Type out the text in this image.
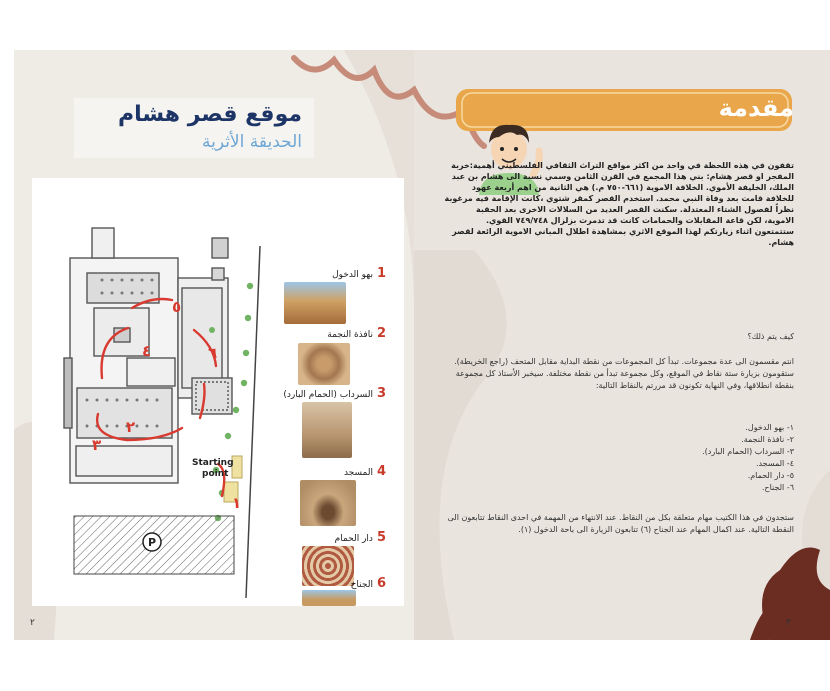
موقع قصر هشام
الحديقة الأثرية
P
٥
٤	٦
٢
٣
١
Starting
point
1بهو الدخول
2نافذة النجمة
3السرداب (الحمام البارد)
4المسجد
5دار الحمام
6الجناح
٢
مقدمة
تقفون في هذه اللحظة في واحد من اكثر مواقع التراث الثقافي الفلسطيني أهمية:خربة المفجر او قصر هشام: بني هذا المجمع في القرن الثامن وسمي نسبة الى هشام بن عبد الملك، الخليفة الأموي. الخلافة الاموية (٦٦١-٧٥٠ م.) هي الثانية من اهم أربعة عهود للخلافة قامت بعد وفاة النبي محمد. استخدم القصر كمقر شتوي ،كانت الإقامة فيه مرغوبة نظراً لفصول الشتاء المعتدلة. سكنت القصر العديد من السلالات الاخرى بعد الحقبة الاموية، لكن قاعة المقابلات والحمامات كانت قد تدمرت بزلزال ٧٤٩/٧٤٨ القوي. ستتمتعون اثناء زيارتكم لهذا الموقع الاثري بمشاهدة اطلال المباني الاموية الرائعة لقصر هشام.
كيف يتم ذلك؟
انتم مقسمون الى عدة مجموعات. تبدأ كل المجموعات من نقطة البداية مقابل المتحف (راجع الخريطة). ستقومون بزيارة ستة نقاط في الموقع، وكل مجموعة تبدأ من نقطة مختلفة. سيخبر الأستاذ كل مجموعة بنقطة انطلاقها، وفي النهاية تكونون قد مررتم بالنقاط التالية:
١- بهو الدخول.
٢- نافذة النجمة.
٣- السرداب (الحمام البارد).
٤- المسجد.
٥- دار الحمام.
٦- الجناح.
ستجدون في هذا الكتيب مهام متعلقة بكل من النقاط. عند الانتهاء من المهمة في احدى النقاط تتابعون الى النقطة التالية. عند اكمال المهام عند الجناح (٦) تتابعون الزيارة الى باحة الدخول (١).
٣
